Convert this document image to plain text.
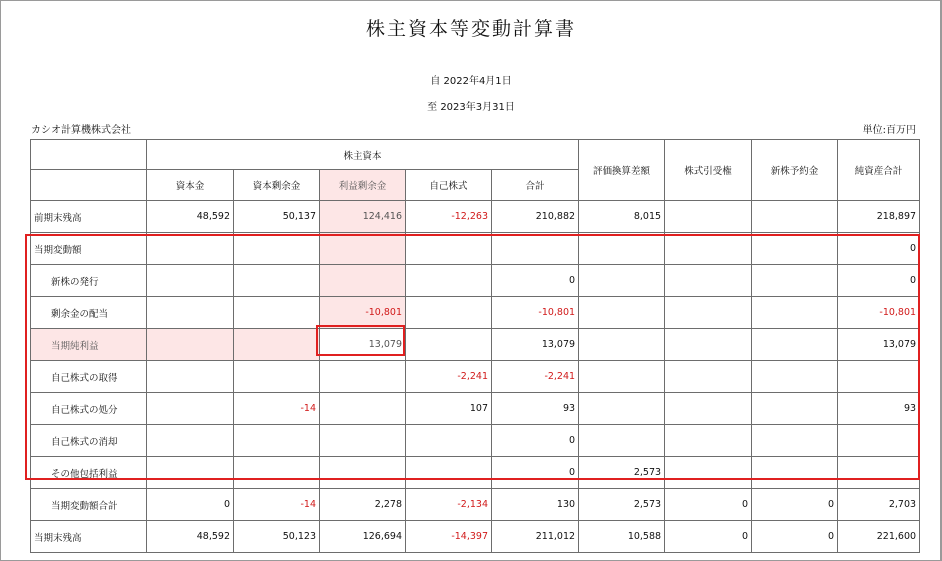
株主資本等変動計算書
自 2022年4月1日
至 2023年3月31日
カシオ計算機株式会社	単位:百万円
	株主資本					評価換算差額	株式引受権	新株予約金	純資産合計
	資本金	資本剰余金	利益剰余金	自己株式	合計				
前期末残高	48,592	50,137	124,416	-12,263	210,882	8,015			218,897
当期変動額									0
新株の発行					0				0
剰余金の配当			-10,801		-10,801				-10,801
当期純利益			13,079		13,079				13,079
自己株式の取得				-2,241	-2,241				
自己株式の処分		-14		107	93				93
自己株式の消却					0				
その他包括利益					0	2,573			
当期変動額合計	0	-14	2,278	-2,134	130	2,573	0	0	2,703
当期末残高	48,592	50,123	126,694	-14,397	211,012	10,588	0	0	221,600
